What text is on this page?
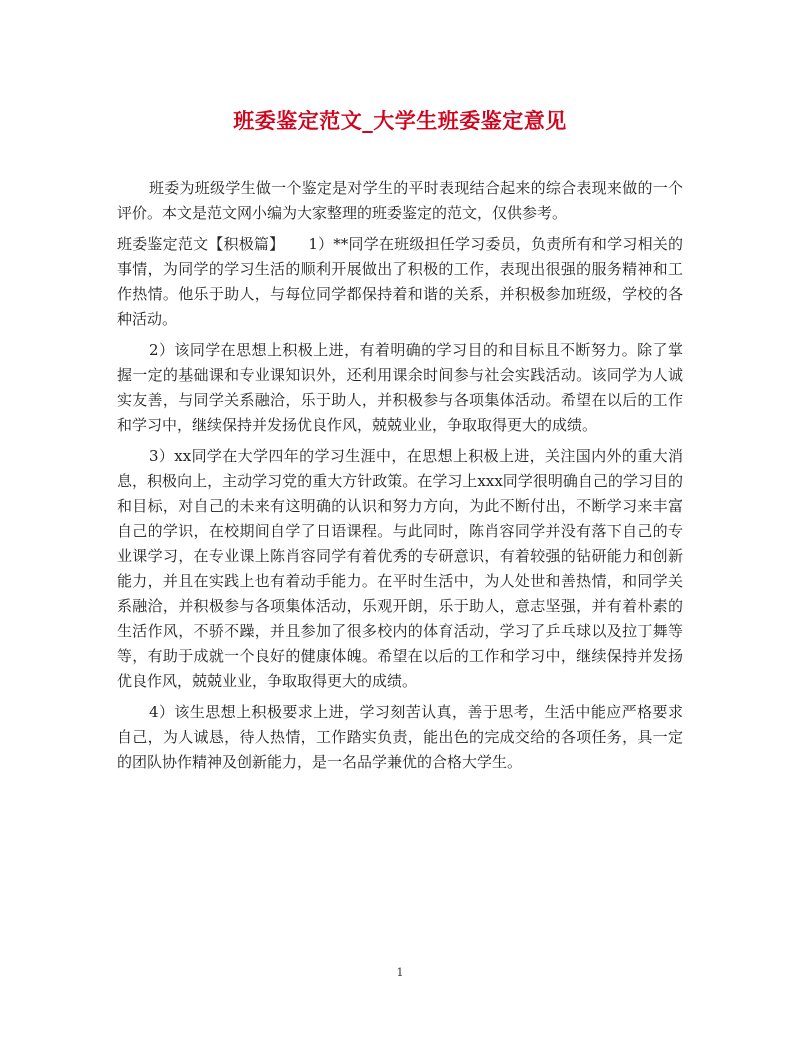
班委鉴定范文_大学生班委鉴定意见

班委为班级学生做一个鉴定是对学生的平时表现结合起来的综合表现来做的一个评价。本文是范文网小编为大家整理的班委鉴定的范文，仅供参考。

班委鉴定范文【积极篇】 1）**同学在班级担任学习委员，负责所有和学习相关的事情，为同学的学习生活的顺利开展做出了积极的工作，表现出很强的服务精神和工作热情。他乐于助人，与每位同学都保持着和谐的关系，并积极参加班级，学校的各种活动。

2）该同学在思想上积极上进，有着明确的学习目的和目标且不断努力。除了掌握一定的基础课和专业课知识外，还利用课余时间参与社会实践活动。该同学为人诚实友善，与同学关系融洽，乐于助人，并积极参与各项集体活动。希望在以后的工作和学习中，继续保持并发扬优良作风，兢兢业业，争取取得更大的成绩。

3）xx同学在大学四年的学习生涯中，在思想上积极上进，关注国内外的重大消息，积极向上，主动学习党的重大方针政策。在学习上xxx同学很明确自己的学习目的和目标，对自己的未来有这明确的认识和努力方向，为此不断付出，不断学习来丰富自己的学识，在校期间自学了日语课程。与此同时，陈肖容同学并没有落下自己的专业课学习，在专业课上陈肖容同学有着优秀的专研意识，有着较强的钻研能力和创新能力，并且在实践上也有着动手能力。在平时生活中，为人处世和善热情，和同学关系融洽，并积极参与各项集体活动，乐观开朗，乐于助人，意志坚强，并有着朴素的生活作风，不骄不躁，并且参加了很多校内的体育活动，学习了乒乓球以及拉丁舞等等，有助于成就一个良好的健康体魄。希望在以后的工作和学习中，继续保持并发扬优良作风，兢兢业业，争取取得更大的成绩。

4）该生思想上积极要求上进，学习刻苦认真，善于思考，生活中能应严格要求自己，为人诚恳，待人热情，工作踏实负责，能出色的完成交给的各项任务，具一定的团队协作精神及创新能力，是一名品学兼优的合格大学生。

1
